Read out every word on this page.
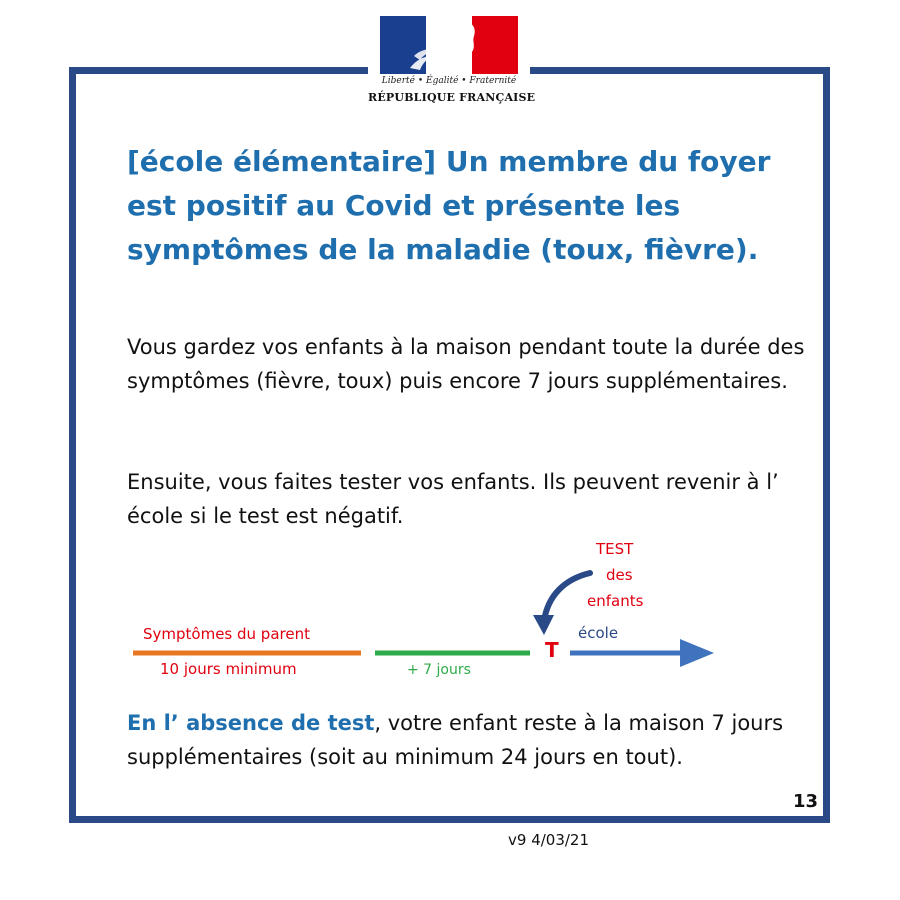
Liberté • Égalité • Fraternité
RÉPUBLIQUE FRANÇAISE
[école élémentaire] Un membre du foyer est positif au Covid et présente les symptômes de la maladie (toux, fièvre).

Vous gardez vos enfants à la maison pendant toute la durée des symptômes (fièvre, toux) puis encore 7 jours supplémentaires.

Ensuite, vous faites tester vos enfants. Ils peuvent revenir à l’ école si le test est négatif.

Symptômes du parent
10 jours minimum	+ 7 jours
T
TEST
des
enfants
école

En l’ absence de test, votre enfant reste à la maison 7 jours supplémentaires (soit au minimum 24 jours en tout).

13
v9 4/03/21
